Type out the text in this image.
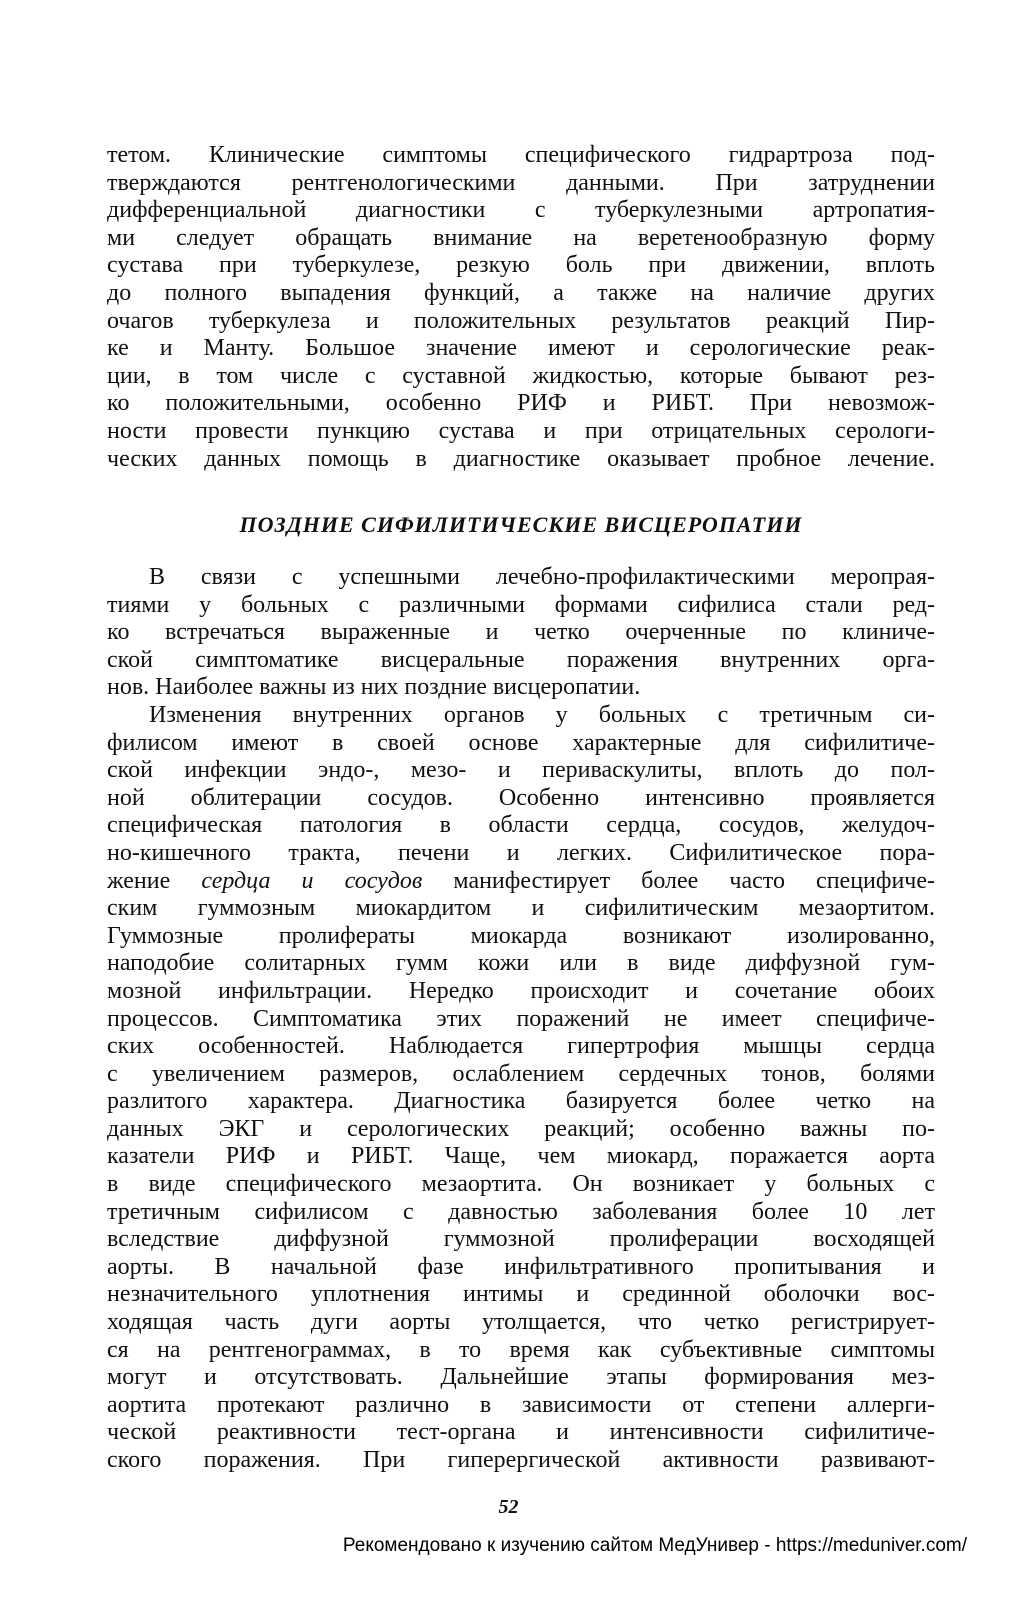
тетом. Клинические симптомы специфического гидрартроза под-
тверждаются рентгенологическими данными. При затруднении
дифференциальной диагностики с туберкулезными артропатия-
ми следует обращать внимание на веретенообразную форму
сустава при туберкулезе, резкую боль при движении, вплоть
до полного выпадения функций, а также на наличие других
очагов туберкулеза и положительных результатов реакций Пир-
ке и Манту. Большое значение имеют и серологические реак-
ции, в том числе с суставной жидкостью, которые бывают рез-
ко положительными, особенно РИФ и РИБТ. При невозмож-
ности провести пункцию сустава и при отрицательных серологи-
ческих данных помощь в диагностике оказывает пробное лечение.
ПОЗДНИЕ СИФИЛИТИЧЕСКИЕ ВИСЦЕРОПАТИИ
В связи с успешными лечебно-профилактическими меропрая-
тиями у больных с различными формами сифилиса стали ред-
ко встречаться выраженные и четко очерченные по клиниче-
ской симптоматике висцеральные поражения внутренних орга-
нов. Наиболее важны из них поздние висцеропатии.
Изменения внутренних органов у больных с третичным си-
филисом имеют в своей основе характерные для сифилитиче-
ской инфекции эндо-, мезо- и периваскулиты, вплоть до пол-
ной облитерации сосудов. Особенно интенсивно проявляется
специфическая патология в области сердца, сосудов, желудоч-
но-кишечного тракта, печени и легких. Сифилитическое пора-
жение сердца и сосудов манифестирует более часто специфиче-
ским гуммозным миокардитом и сифилитическим мезаортитом.
Гуммозные пролифераты миокарда возникают изолированно,
наподобие солитарных гумм кожи или в виде диффузной гум-
мозной инфильтрации. Нередко происходит и сочетание обоих
процессов. Симптоматика этих поражений не имеет специфиче-
ских особенностей. Наблюдается гипертрофия мышцы сердца
с увеличением размеров, ослаблением сердечных тонов, болями
разлитого характера. Диагностика базируется более четко на
данных ЭКГ и серологических реакций; особенно важны по-
казатели РИФ и РИБТ. Чаще, чем миокард, поражается аорта
в виде специфического мезаортита. Он возникает у больных с
третичным сифилисом с давностью заболевания более 10 лет
вследствие диффузной гуммозной пролиферации восходящей
аорты. В начальной фазе инфильтративного пропитывания и
незначительного уплотнения интимы и срединной оболочки вос-
ходящая часть дуги аорты утолщается, что четко регистрирует-
ся на рентгенограммах, в то время как субъективные симптомы
могут и отсутствовать. Дальнейшие этапы формирования мез-
аортита протекают различно в зависимости от степени аллерги-
ческой реактивности тест-органа и интенсивности сифилитиче-
ского поражения. При гиперергической активности развивают-
52
Рекомендовано к изучению сайтом МедУнивер - https://meduniver.com/
